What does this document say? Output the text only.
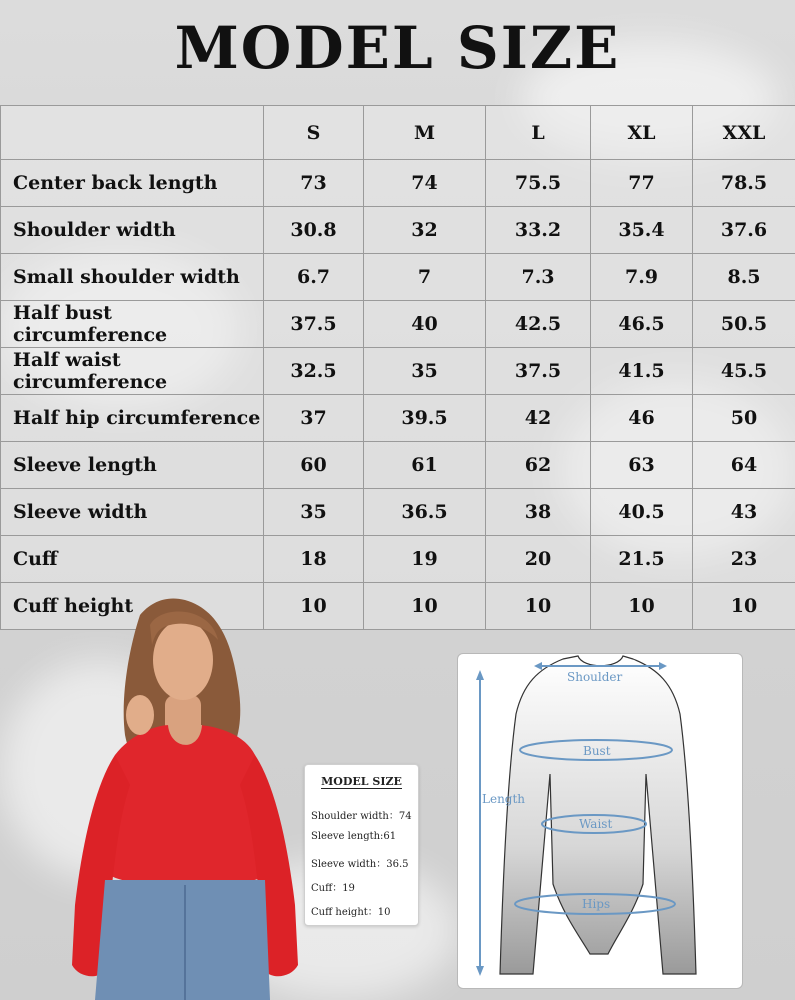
MODEL SIZE
	S	M	L	XL	XXL
Center back length	73	74	75.5	77	78.5
Shoulder width	30.8	32	33.2	35.4	37.6
Small shoulder width	6.7	7	7.3	7.9	8.5
Half bust circumference	37.5	40	42.5	46.5	50.5
Half waist circumference	32.5	35	37.5	41.5	45.5
Half hip circumference	37	39.5	42	46	50
Sleeve length	60	61	62	63	64
Sleeve width	35	36.5	38	40.5	43
Cuff	18	19	20	21.5	23
Cuff height	10	10	10	10	10
MODEL SIZE
Shoulder width：74
Sleeve length:61
Sleeve width：36.5
Cuff：19
Cuff height：10
Shoulder
Length
Bust
Waist
Hips
